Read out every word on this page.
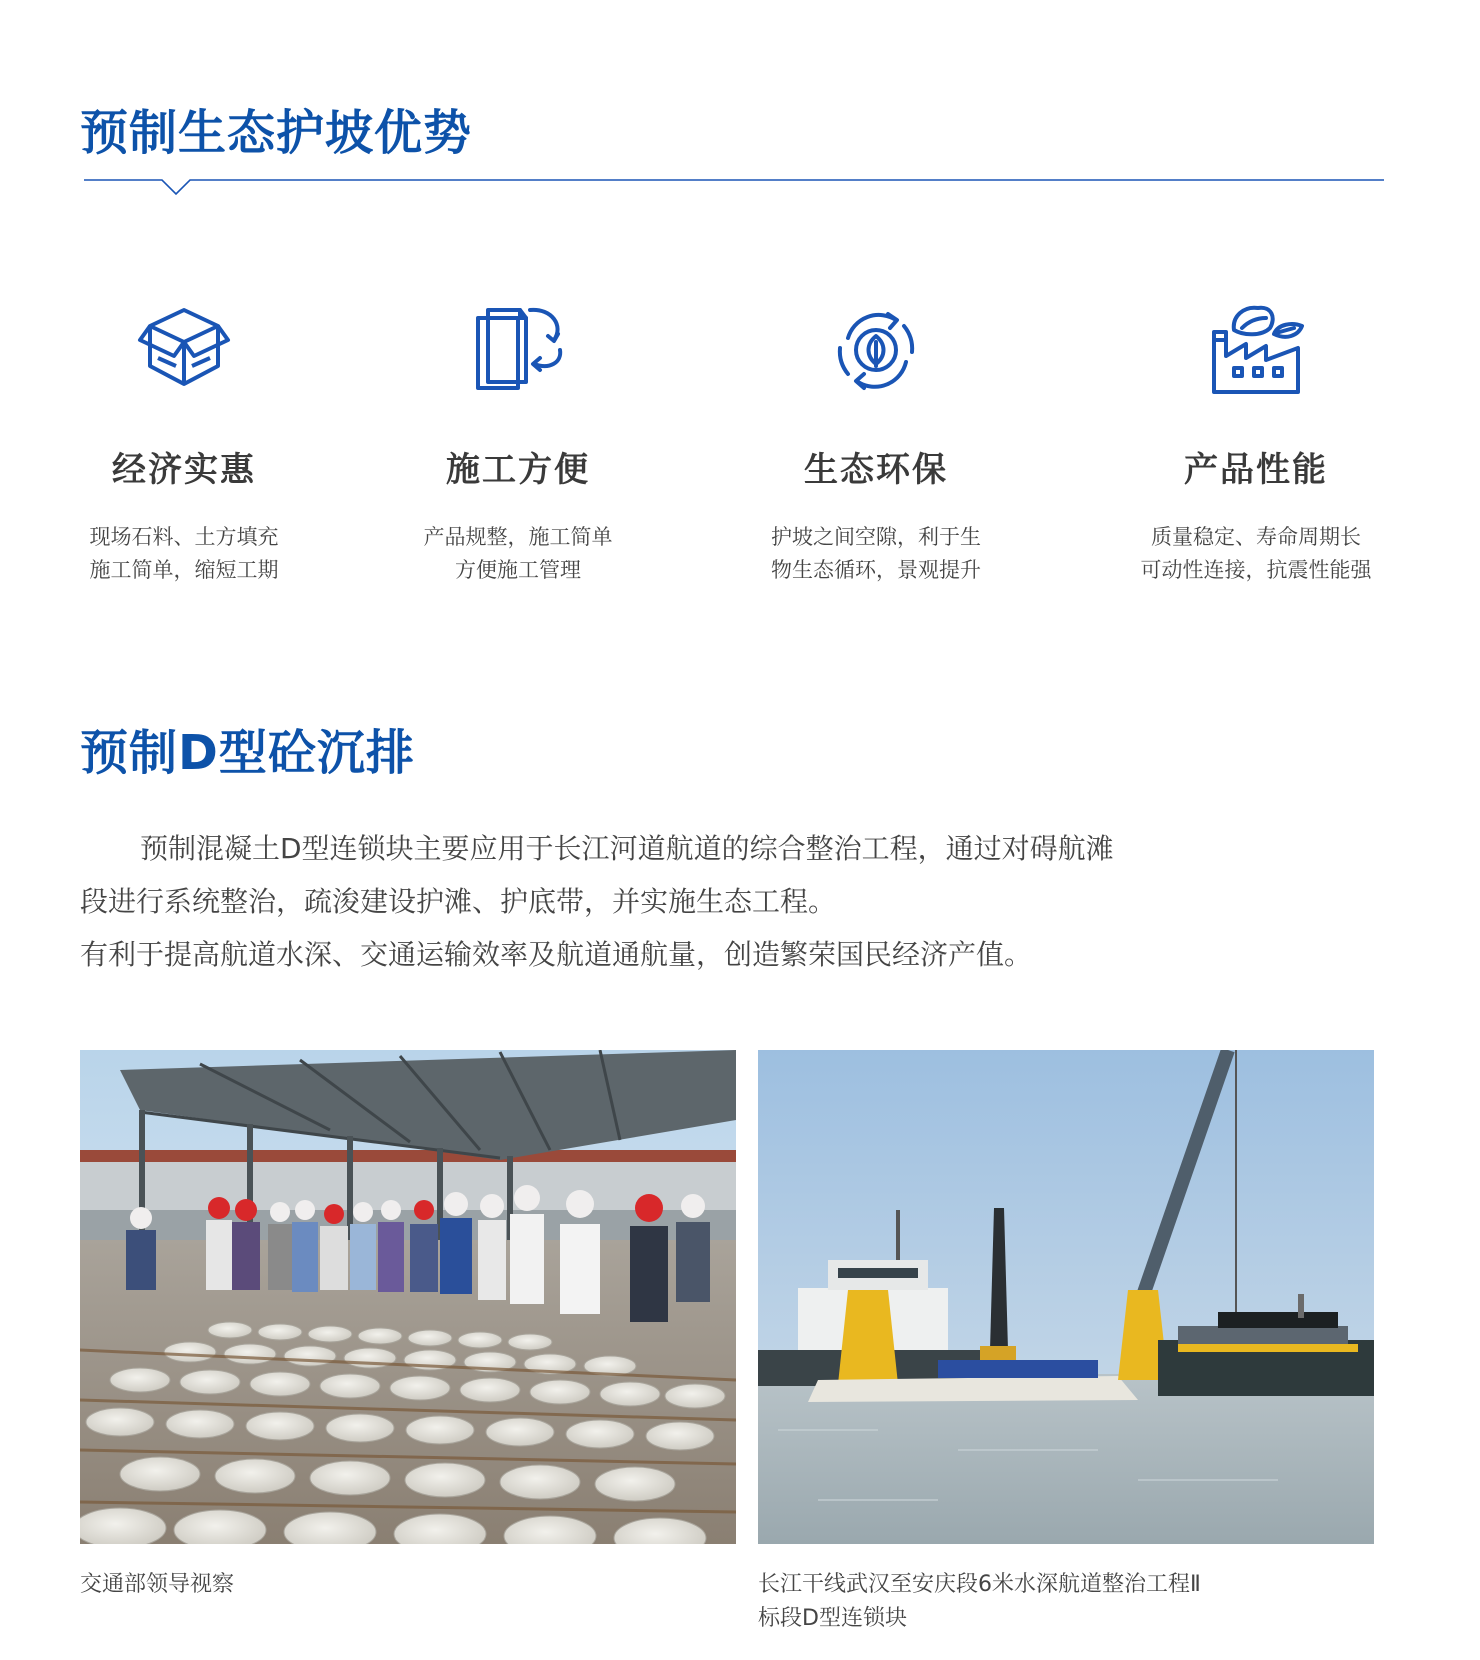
预制生态护坡优势
经济实惠
现场石料、土方填充
施工简单，缩短工期
施工方便
产品规整，施工简单
方便施工管理
生态环保
护坡之间空隙，利于生
物生态循环，景观提升
产品性能
质量稳定、寿命周期长
可动性连接，抗震性能强
预制D型砼沉排
预制混凝土D型连锁块主要应用于长江河道航道的综合整治工程，通过对碍航滩
段进行系统整治，疏浚建设护滩、护底带，并实施生态工程。
有利于提高航道水深、交通运输效率及航道通航量，创造繁荣国民经济产值。
交通部领导视察	长江干线武汉至安庆段6米水深航道整治工程Ⅱ
标段D型连锁块
